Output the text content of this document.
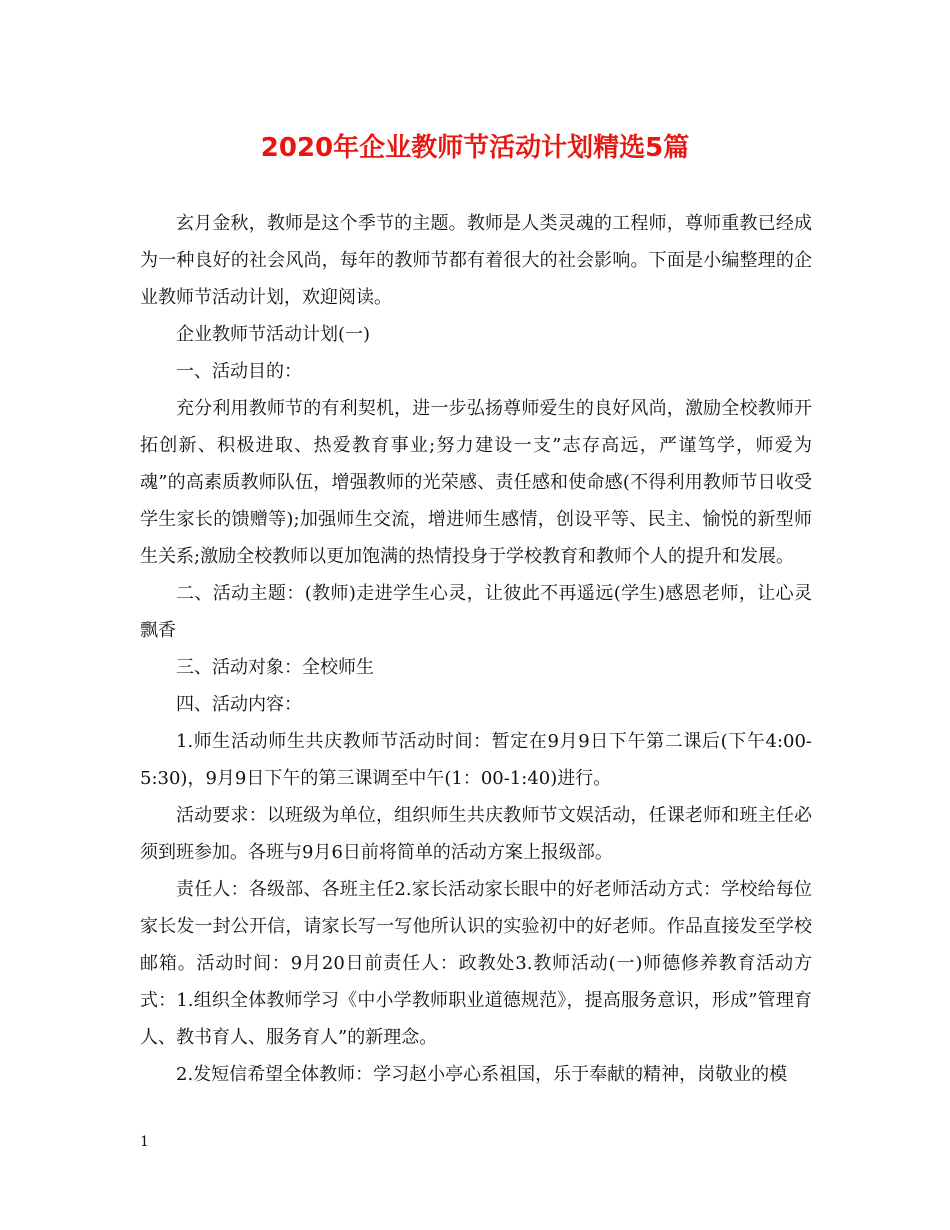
2020年企业教师节活动计划精选5篇

玄月金秋，教师是这个季节的主题。教师是人类灵魂的工程师，尊师重教已经成为一种良好的社会风尚，每年的教师节都有着很大的社会影响。下面是小编整理的企业教师节活动计划，欢迎阅读。

企业教师节活动计划(一)

一、活动目的：

充分利用教师节的有利契机，进一步弘扬尊师爱生的良好风尚，激励全校教师开拓创新、积极进取、热爱教育事业;努力建设一支”志存高远，严谨笃学，师爱为魂”的高素质教师队伍，增强教师的光荣感、责任感和使命感(不得利用教师节日收受学生家长的馈赠等);加强师生交流，增进师生感情，创设平等、民主、愉悦的新型师生关系;激励全校教师以更加饱满的热情投身于学校教育和教师个人的提升和发展。

二、活动主题：(教师)走进学生心灵，让彼此不再遥远(学生)感恩老师，让心灵飘香

三、活动对象：全校师生

四、活动内容：

1.师生活动师生共庆教师节活动时间：暂定在9月9日下午第二课后(下午4:00-5:30)，9月9日下午的第三课调至中午(1：00-1:40)进行。

活动要求：以班级为单位，组织师生共庆教师节文娱活动，任课老师和班主任必须到班参加。各班与9月6日前将简单的活动方案上报级部。

责任人：各级部、各班主任2.家长活动家长眼中的好老师活动方式：学校给每位家长发一封公开信，请家长写一写他所认识的实验初中的好老师。作品直接发至学校邮箱。活动时间：9月20日前责任人：政教处3.教师活动(一)师德修养教育活动方式：1.组织全体教师学习《中小学教师职业道德规范》，提高服务意识，形成”管理育人、教书育人、服务育人”的新理念。

2.发短信希望全体教师：学习赵小亭心系祖国，乐于奉献的精神，岗敬业的模

1
